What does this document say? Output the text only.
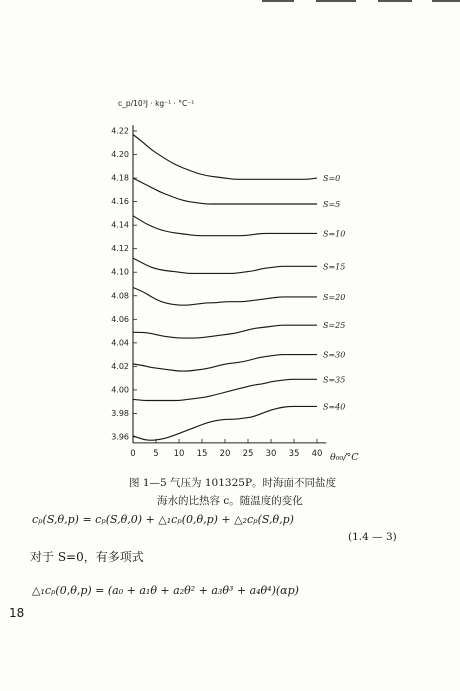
4.22
4.20
4.18
4.16
4.14
4.12
4.10
4.08
4.06
4.04
4.02
4.00
3.98
3.96
0 5 10 15 20 25 30 35 40
S=0
S=5
S=10
S=15
S=20
S=25
S=30
S=35
S=40
c_p/10³J · kg⁻¹ · °C⁻¹
θ₀₀/°C
图 1—5 气压为 101325P。时海面不同盐度
海水的比热容 c。随温度的变化
cₚ(S,θ,p) = cₚ(S,θ,0) + △₁cₚ(0,θ,p) + △₂cₚ(S,θ,p)
(1.4 — 3)
对于 S=0，有多项式
△₁cₚ(0,θ,p) = (a₀ + a₁θ + a₂θ² + a₃θ³ + a₄θ⁴)(αp)
18
